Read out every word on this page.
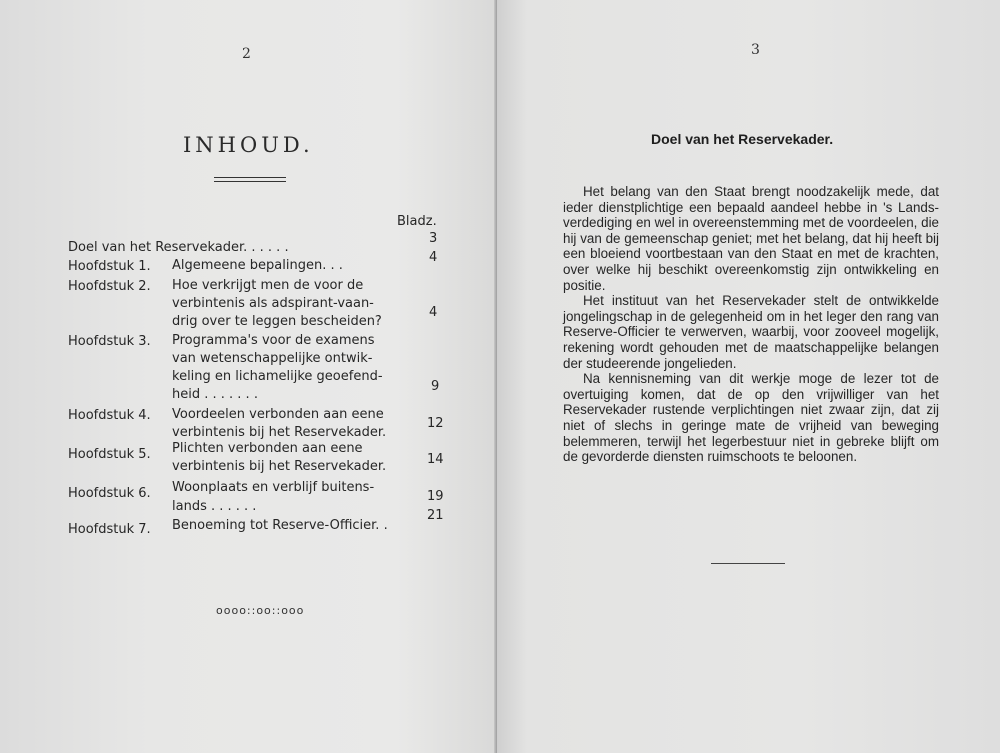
2
INHOUD.
Bladz.
Doel van het Reservekader. . . . . .
3
Hoofdstuk 1. Algemeene bepalingen. . .
4
Hoofdstuk 2. Hoe verkrijgt men de voor de
verbintenis als adspirant-vaan-
drig over te leggen bescheiden?
4
Hoofdstuk 3. Programma's voor de examens
van wetenschappelijke ontwik-
keling en lichamelijke geoefend-
heid . . . . . . .
9
Hoofdstuk 4. Voordeelen verbonden aan eene
verbintenis bij het Reservekader.
12
Hoofdstuk 5. Plichten verbonden aan eene
verbintenis bij het Reservekader.	14
Hoofdstuk 6. Woonplaats en verblijf buitens-
lands . . . . . .
19
Hoofdstuk 7. Benoeming tot Reserve-Officier. .
21
oooo::oo::ooo
3
Doel van het Reservekader.

Het belang van den Staat brengt noodzakelijk mede, dat ieder dienstplichtige een bepaald aandeel hebbe in 's Lands-verdediging en wel in overeenstemming met de voordeelen, die hij van de gemeenschap geniet; met het belang, dat hij heeft bij een bloeiend voortbestaan van den Staat en met de krachten, over welke hij beschikt overeenkomstig zijn ontwikkeling en positie.

Het instituut van het Reservekader stelt de ontwikkelde jongelingschap in de gelegenheid om in het leger den rang van Reserve-Officier te verwerven, waarbij, voor zooveel mogelijk, rekening wordt gehouden met de maatschappelijke belangen der studeerende jongelieden.

Na kennisneming van dit werkje moge de lezer tot de overtuiging komen, dat de op den vrijwilliger van het Reservekader rustende verplichtingen niet zwaar zijn, dat zij niet of slechs in geringe mate de vrijheid van beweging belemmeren, terwijl het legerbestuur niet in gebreke blijft om de gevorderde diensten ruimschoots te beloonen.
